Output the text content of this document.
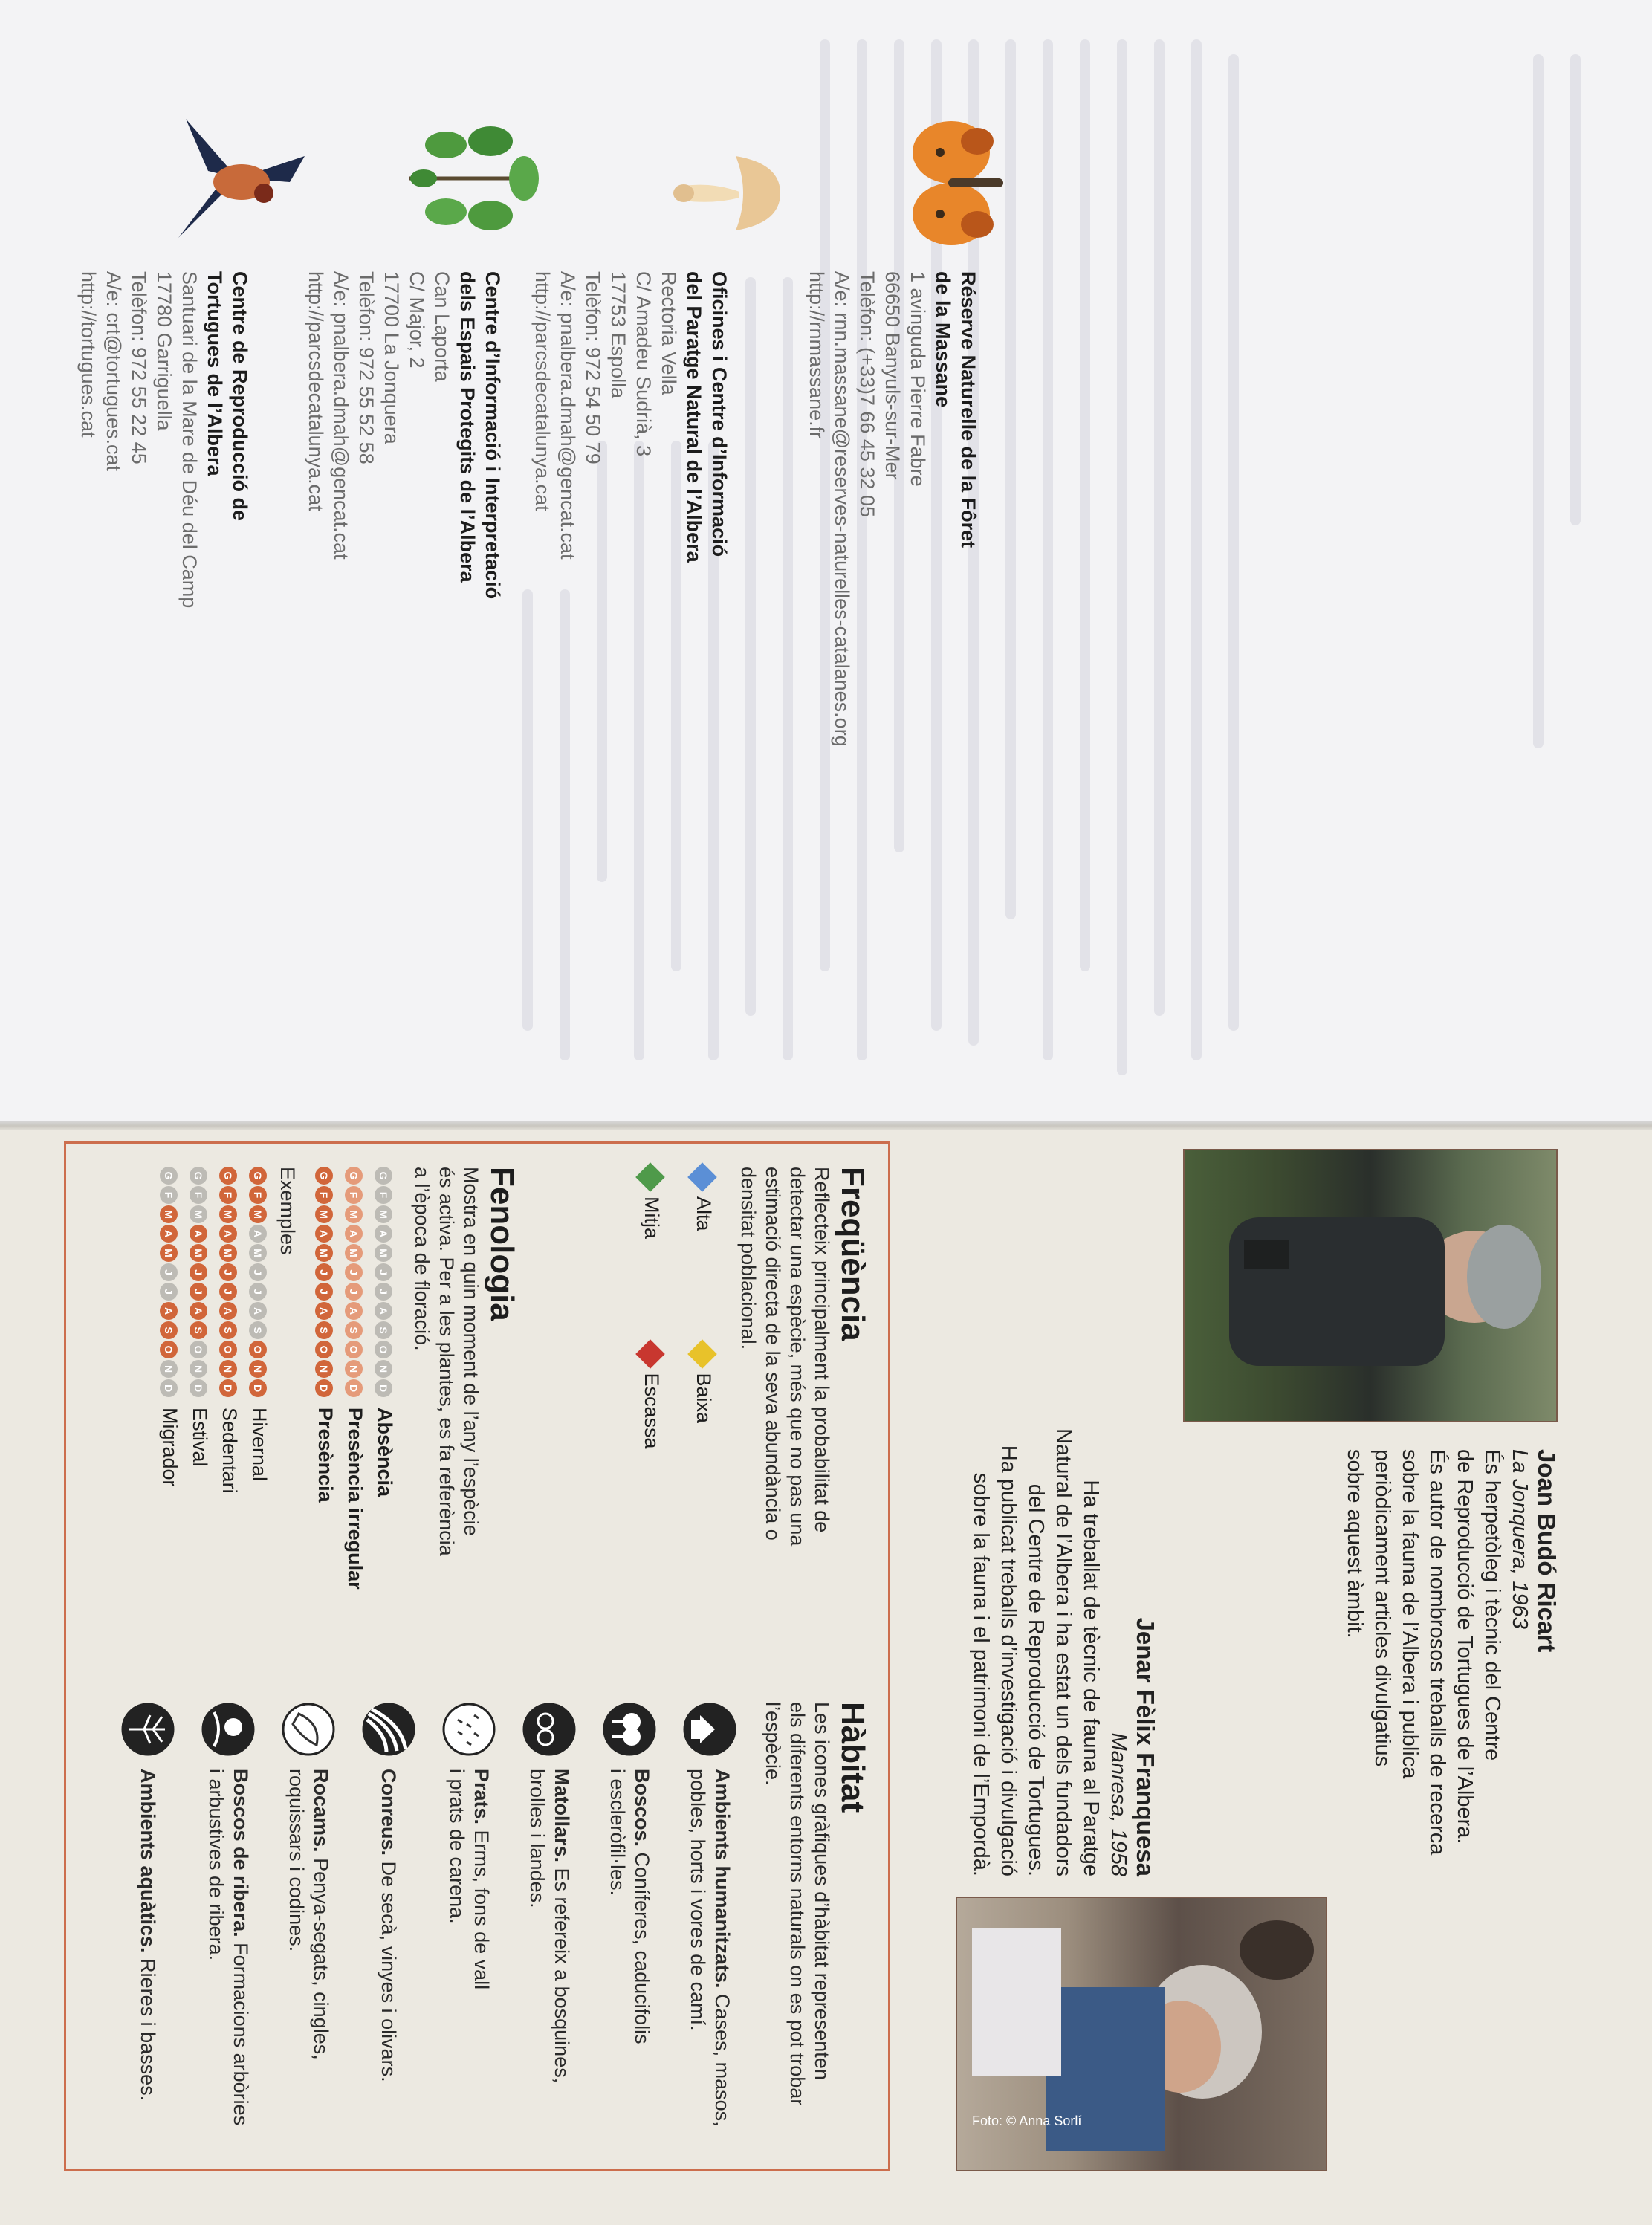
Réserve Naturelle de la Fôret
de la Massane
1 avinguda Pierre Fabre
66650 Banyuls-sur-Mer
Telèfon: (+33)7 66 45 32 05
A/e: rnn.massane@reserves-naturelles-catalanes.org
http://rnmassane.fr
Oficines i Centre d’Informació
del Paratge Natural de l’Albera
Rectoria Vella
C/ Amadeu Sudrià, 3
17753 Espolla
Telèfon: 972 54 50 79
A/e: pnalbera.dmah@gencat.cat
http://parcsdecatalunya.cat
Centre d’Informació i Interpretació
dels Espais Protegits de l’Albera
Can Laporta
C/ Major, 2
17700 La Jonquera
Telèfon: 972 55 52 58
A/e: pnalbera.dmah@gencat.cat
http://parcsdecatalunya.cat
Centre de Reproducció de
Tortugues de l’Albera
Santuari de la Mare de Déu del Camp
17780 Garriguella
Telèfon: 972 55 22 45
A/e: crt@tortugues.cat
http://tortugues.cat
Foto: © Anna Sorlí
Joan Budó Ricart
La Jonquera, 1963
És herpetòleg i tècnic del Centre
de Reproducció de Tortugues de l’Albera.
És autor de nombrosos treballs de recerca
sobre la fauna de l’Albera i publica
periòdicament articles divulgatius
sobre aquest àmbit.
Jenar Fèlix Franquesa
Manresa, 1958
Ha treballat de tècnic de fauna al Paratge
Natural de l’Albera i ha estat un dels fundadors
del Centre de Reproducció de Tortugues.
Ha publicat treballs d’investigació i divulgació
sobre la fauna i el patrimoni de l’Empordà.
Freqüència
Reflecteix principalment la probabilitat de
detectar una espècie, més que no pas una
estimació directa de la seva abundància o
densitat poblacional.
Alta Baixa
Mitja Escassa
Fenologia
Mostra en quin moment de l’any l’espècie
és activa. Per a les plantes, es fa referència
a l’època de floració.
GFMAMJJASONDAbsència
GFMAMJJASONDPresència irregular
GFMAMJJASONDPresència
Exemples
GFMAMJJASONDHivernal
GFMAMJJASONDSedentari
GFMAMJJASONDEstival
GFMAMJJASONDMigrador
Hàbitat
Les icones gràfiques d’hàbitat representen
els diferents entorns naturals on es pot trobar
l’espècie.
Ambients humanitzats. Cases, masos,
pobles, horts i vores de camí.
Boscos. Coníferes, caducifolis
i escleròfil·les.
Matollars. Es refereix a bosquines,
brolles i landes.
Prats. Erms, fons de vall
i prats de carena.
Conreus. De secà, vinyes i olivars.
Rocams. Penya-segats, cingles,
roquissars i codines.
Boscos de ribera. Formacions arbòries
i arbustives de ribera.
Ambients aquàtics. Rieres i basses.
